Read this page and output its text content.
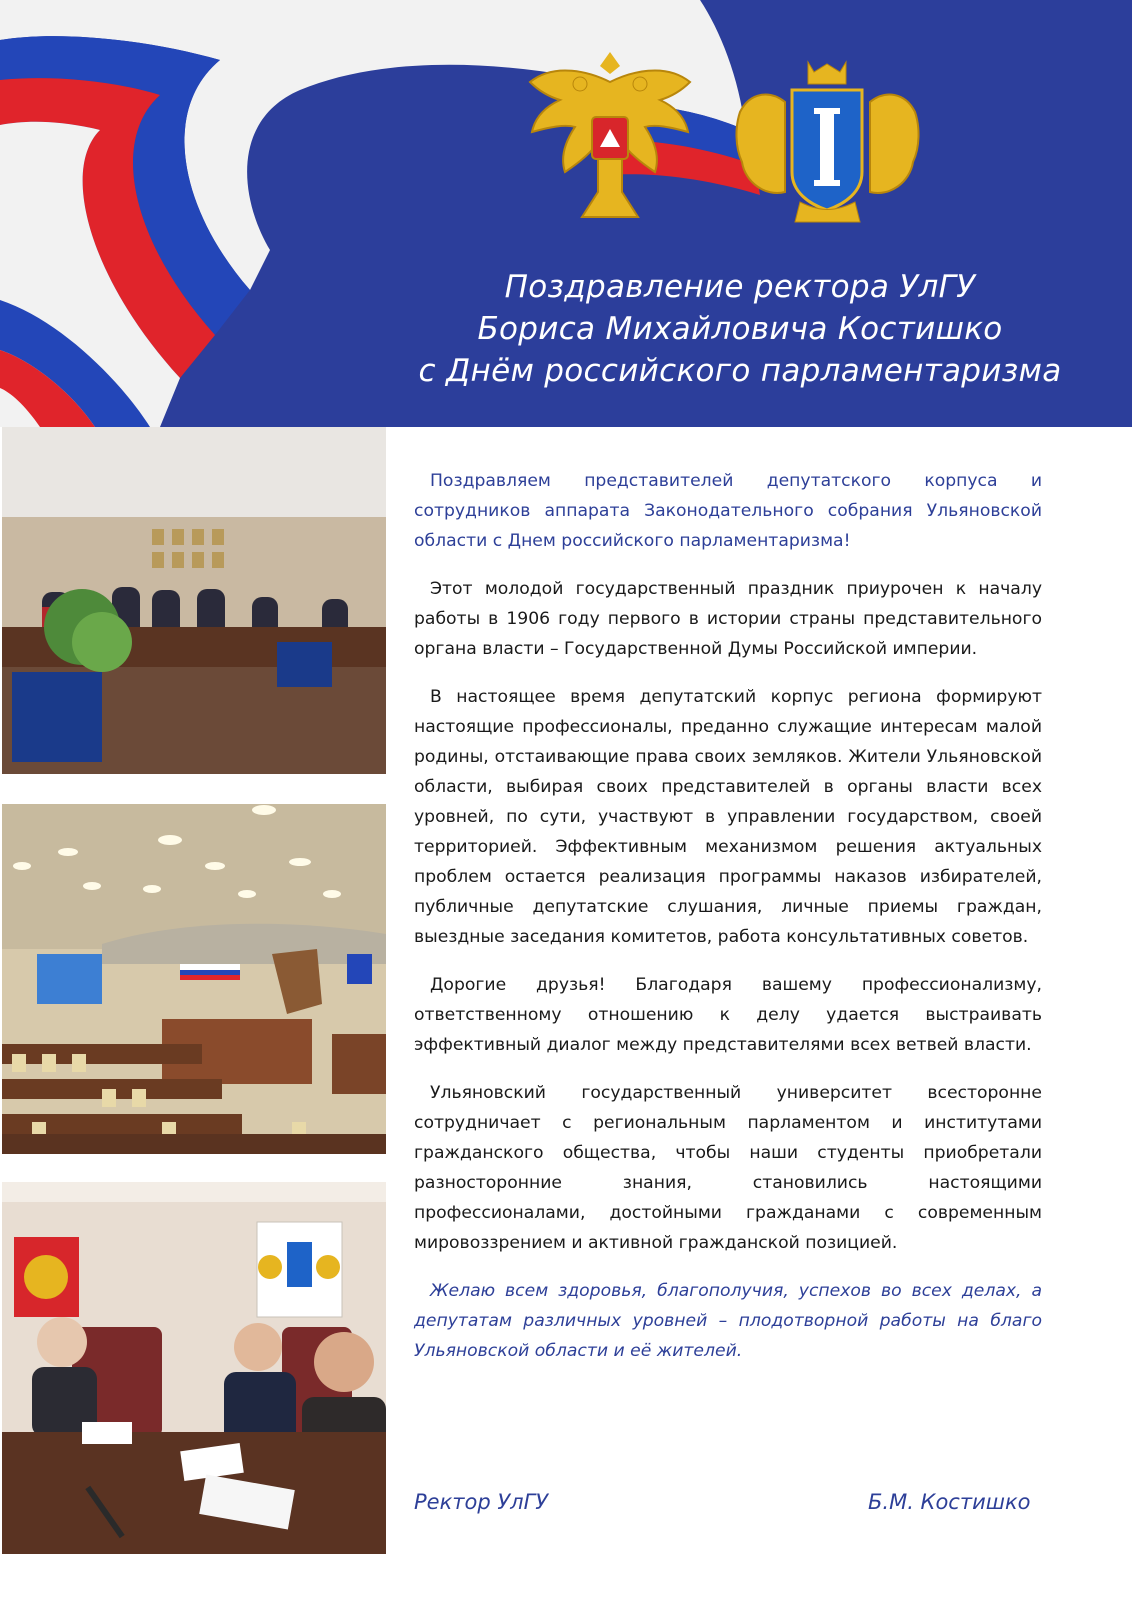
Поздравление ректора УлГУ
Бориса Михайловича Костишко
с Днём российского парламентаризма

Поздравляем представителей депутатского корпуса и сотрудников аппарата Законодательного собрания Ульяновской области с Днем российского парламентаризма!

Этот молодой государственный праздник приурочен к началу работы в 1906 году первого в истории страны представительного органа власти – Государственной Думы Российской империи.

В настоящее время депутатский корпус региона формируют настоящие профессионалы, преданно служащие интересам малой родины, отстаивающие права своих земляков. Жители Ульяновской области, выбирая своих представителей в органы власти всех уровней, по сути, участвуют в управлении государством, своей территорией. Эффективным механизмом решения актуальных проблем остается реализация программы наказов избирателей, публичные депутатские слушания, личные приемы граждан, выездные заседания комитетов, работа консультативных советов.

Дорогие друзья! Благодаря вашему профессионализму, ответственному отношению к делу удается выстраивать эффективный диалог между представителями всех ветвей власти.

Ульяновский государственный университет всесторонне сотрудничает с региональным парламентом и институтами гражданского общества, чтобы наши студенты приобретали разносторонние знания, становились настоящими профессионалами, достойными гражданами с современным мировоззрением и активной гражданской позицией.

Желаю всем здоровья, благополучия, успехов во всех делах, а депутатам различных уровней – плодотворной работы на благо Ульяновской области и её жителей.

Ректор УлГУ	Б.М. Костишко
